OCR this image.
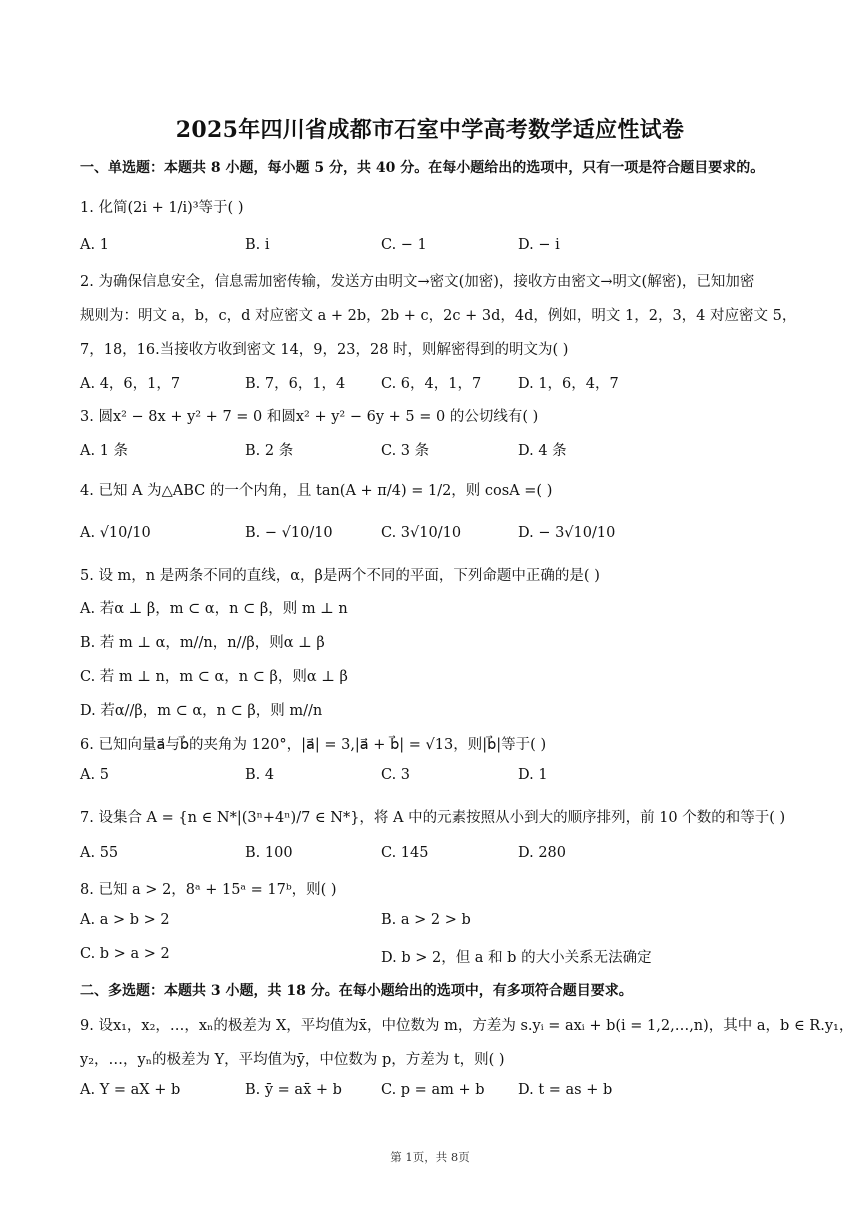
2025年四川省成都市石室中学高考数学适应性试卷
一、单选题：本题共 8 小题，每小题 5 分，共 40 分。在每小题给出的选项中，只有一项是符合题目要求的。
1. 化简(2i + 1/i)³等于( )
A. 1	B. i	C. − 1	D. − i
2. 为确保信息安全，信息需加密传输，发送方由明文→密文(加密)，接收方由密文→明文(解密)，已知加密
规则为：明文 a，b，c，d 对应密文 a + 2b，2b + c，2c + 3d，4d，例如，明文 1，2，3，4 对应密文 5，
7，18，16.当接收方收到密文 14，9，23，28 时，则解密得到的明文为( )
A. 4，6，1，7	B. 7，6，1，4 C. 6，4，1，7	D. 1，6，4，7
3. 圆x² − 8x + y² + 7 = 0 和圆x² + y² − 6y + 5 = 0 的公切线有( )
A. 1 条	B. 2 条	C. 3 条	D. 4 条
4. 已知 A 为△ABC 的一个内角，且 tan(A + π/4) = 1/2，则 cosA =( )
A. √10/10	B. − √10/10	C. 3√10/10	D. − 3√10/10
5. 设 m，n 是两条不同的直线，α，β是两个不同的平面，下列命题中正确的是( )
A. 若α ⊥ β，m ⊂ α，n ⊂ β，则 m ⊥ n
B. 若 m ⊥ α，m//n，n//β，则α ⊥ β
C. 若 m ⊥ n，m ⊂ α，n ⊂ β，则α ⊥ β
D. 若α//β，m ⊂ α，n ⊂ β，则 m//n
6. 已知向量a⃗与b⃗的夹角为 120°，|a⃗| = 3,|a⃗ + b⃗| = √13，则|b⃗|等于( )
A. 5	B. 4	C. 3	D. 1
7. 设集合 A = {n ∈ N*|(3ⁿ+4ⁿ)/7 ∈ N*}，将 A 中的元素按照从小到大的顺序排列，前 10 个数的和等于( )
A. 55	B. 100	C. 145	D. 280
8. 已知 a > 2，8ᵃ + 15ᵃ = 17ᵇ，则( )
A. a > b > 2	B. a > 2 > b
C. b > a > 2	D. b > 2，但 a 和 b 的大小关系无法确定
二、多选题：本题共 3 小题，共 18 分。在每小题给出的选项中，有多项符合题目要求。
9. 设x₁，x₂，…，xₙ的极差为 X，平均值为x̄，中位数为 m，方差为 s.yᵢ = axᵢ + b(i = 1,2,…,n)，其中 a，b ∈ R.y₁，
y₂，…，yₙ的极差为 Y，平均值为ȳ，中位数为 p，方差为 t，则( )
A. Y = aX + b	B. ȳ = ax̄ + b	C. p = am + b D. t = as + b
第 1页，共 8页
